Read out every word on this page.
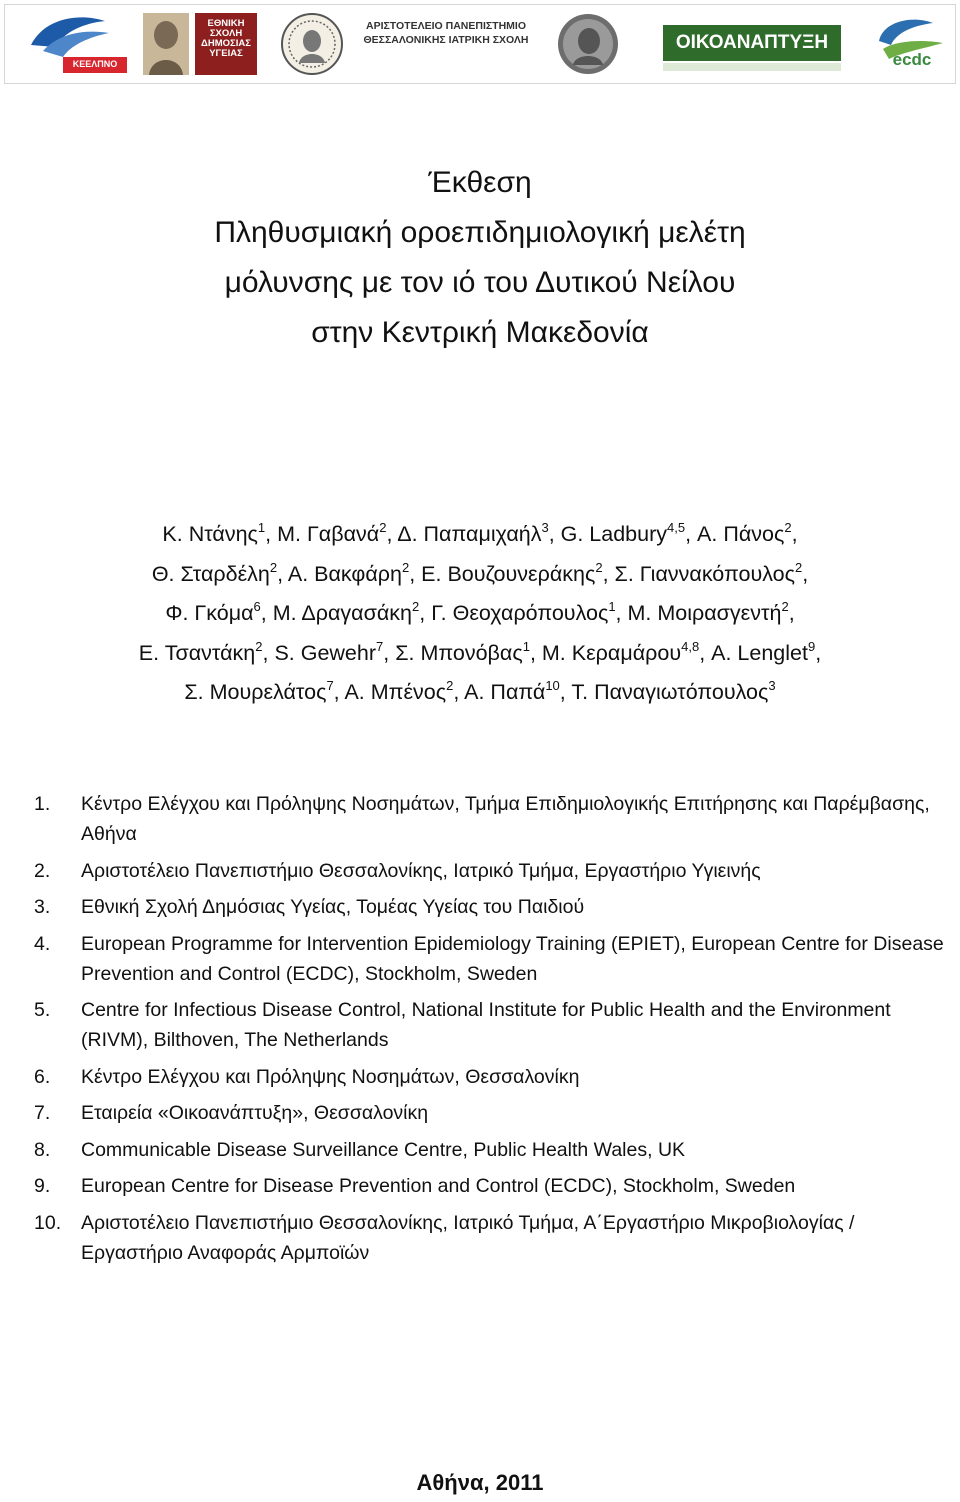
ΚΕΕΛΠΝΟ
ΕΘΝΙΚΗ ΣΧΟΛΗ ΔΗΜΟΣΙΑΣ ΥΓΕΙΑΣ
ΑΡΙΣΤΟΤΕΛΕΙΟ ΠΑΝΕΠΙΣΤΗΜΙΟ ΘΕΣΣΑΛΟΝΙΚΗΣ ΙΑΤΡΙΚΗ ΣΧΟΛΗ	ΟΙΚΟΑΝΑΠΤΥΞΗ
ecdc
Έκθεση
Πληθυσμιακή οροεπιδημιολογική μελέτη
μόλυνσης με τον ιό του Δυτικού Νείλου
στην Κεντρική Μακεδονία
Κ. Ντάνης$^1$, Μ. Γαβανά$^2$, Δ. Παπαμιχαήλ$^3$, G. Ladbury$^{4,5}$, Α. Πάνος$^2$,
Θ. Σταρδέλη$^2$, Α. Βακφάρη$^2$, Ε. Βουζουνεράκης$^2$, Σ. Γιαννακόπουλος$^2$,
Φ. Γκόμα$^6$, Μ. Δραγασάκη$^2$, Γ. Θεοχαρόπουλος$^1$, Μ. Μοιρασγεντή$^2$,
Ε. Τσαντάκη$^2$, S. Gewehr$^7$, Σ. Μπονόβας$^1$, Μ. Κεραμάρου$^{4,8}$, A. Lenglet$^9$,
Σ. Μουρελάτος$^7$, Α. Μπένος$^2$, Α. Παπά$^{10}$, Τ. Παναγιωτόπουλος$^3$
1. Κέντρο Ελέγχου και Πρόληψης Νοσημάτων, Τμήμα Επιδημιολογικής Επιτήρησης και Παρέμβασης, Αθήνα
2. Αριστοτέλειο Πανεπιστήμιο Θεσσαλονίκης, Ιατρικό Τμήμα, Εργαστήριο Υγιεινής
3. Εθνική Σχολή Δημόσιας Υγείας, Τομέας Υγείας του Παιδιού
4. European Programme for Intervention Epidemiology Training (EPIET), European Centre for Disease Prevention and Control (ECDC), Stockholm, Sweden
5. Centre for Infectious Disease Control, National Institute for Public Health and the Environment (RIVM), Bilthoven, The Netherlands
6. Κέντρο Ελέγχου και Πρόληψης Νοσημάτων, Θεσσαλονίκη
7. Εταιρεία «Οικοανάπτυξη», Θεσσαλονίκη
8. Communicable Disease Surveillance Centre, Public Health Wales, UK
9. European Centre for Disease Prevention and Control (ECDC), Stockholm, Sweden
10. Αριστοτέλειο Πανεπιστήμιο Θεσσαλονίκης, Ιατρικό Τμήμα, Α΄Εργαστήριο Μικροβιολογίας / Εργαστήριο Αναφοράς Αρμποϊών
Αθήνα, 2011
